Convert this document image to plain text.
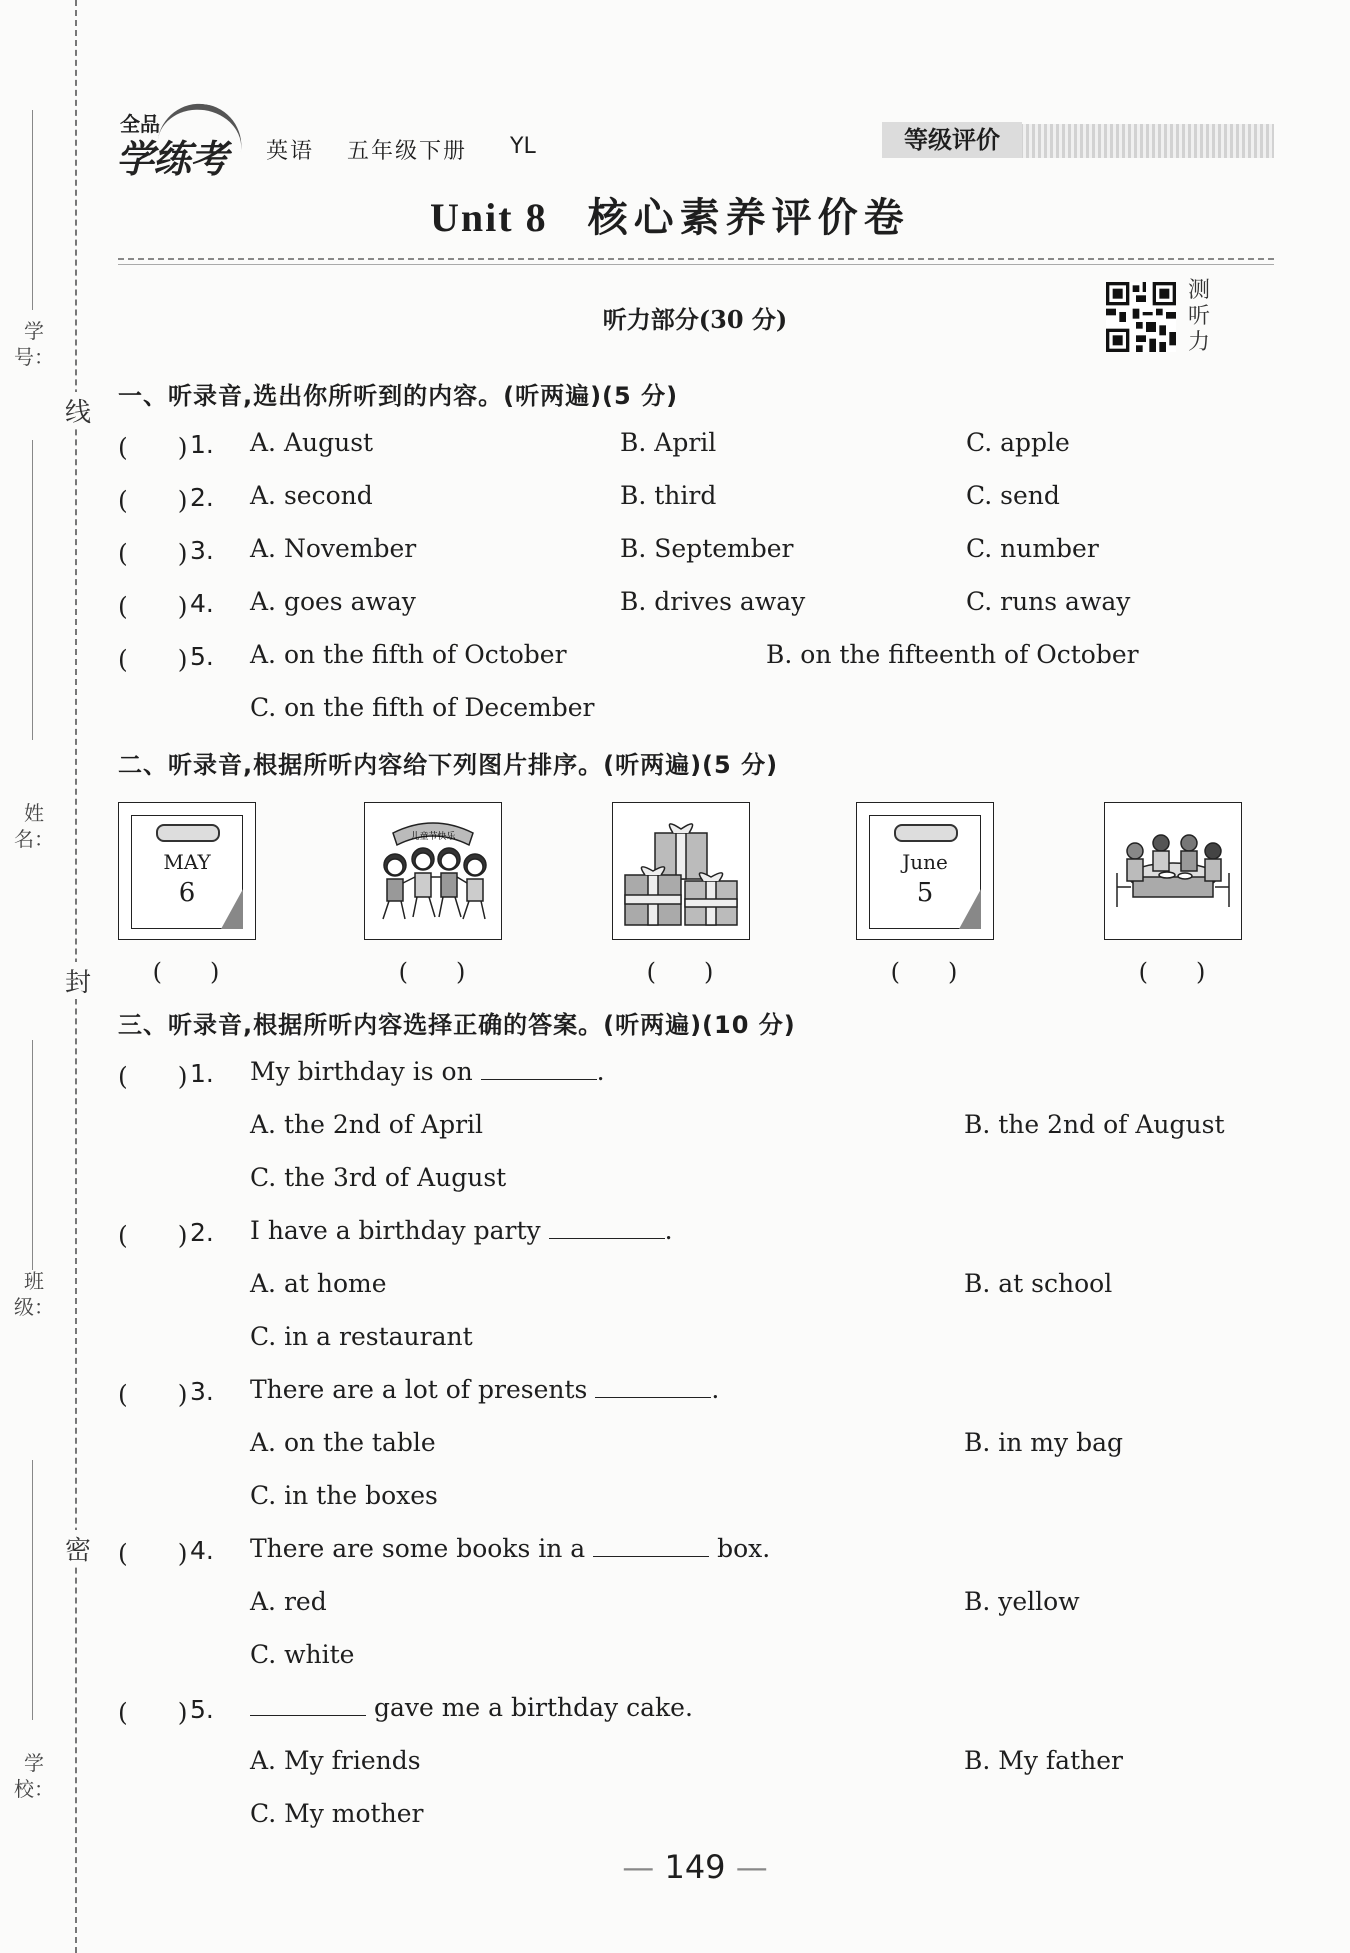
学号：
姓名：
班级：
学校：
线
封
密
全品
学练考 英语 五年级下册 YL	等级评价
Unit 8 核心素养评价卷
听力部分(30 分)
测
听
力
一、听录音,选出你所听到的内容。(听两遍)(5 分)
(　　) 1. A. August	B. April	C. apple
(　　) 2. A. second	B. third	C. send
(　　) 3. A. November	B. September	C. number
(　　) 4. A. goes away	B. drives away	C. runs away
(　　) 5. A. on the fifth of October	B. on the fifteenth of October
C. on the fifth of December
二、听录音,根据所听内容给下列图片排序。(听两遍)(5 分)
MAY
6
儿童节快乐
June
5
(　　)	(　　)	(　　)	(　　)	(　　)
三、听录音,根据所听内容选择正确的答案。(听两遍)(10 分)
(　　) 1. My birthday is on	.
A. the 2nd of April	B. the 2nd of August
C. the 3rd of August
(　　) 2. I have a birthday party	.
A. at home	B. at school
C. in a restaurant
(　　) 3. There are a lot of presents	.
A. on the table	B. in my bag
C. in the boxes
(　　) 4. There are some books in a	box.
A. red	B. yellow
C. white
(　　) 5.	gave me a birthday cake.
A. My friends	B. My father
C. My mother
— 149 —
